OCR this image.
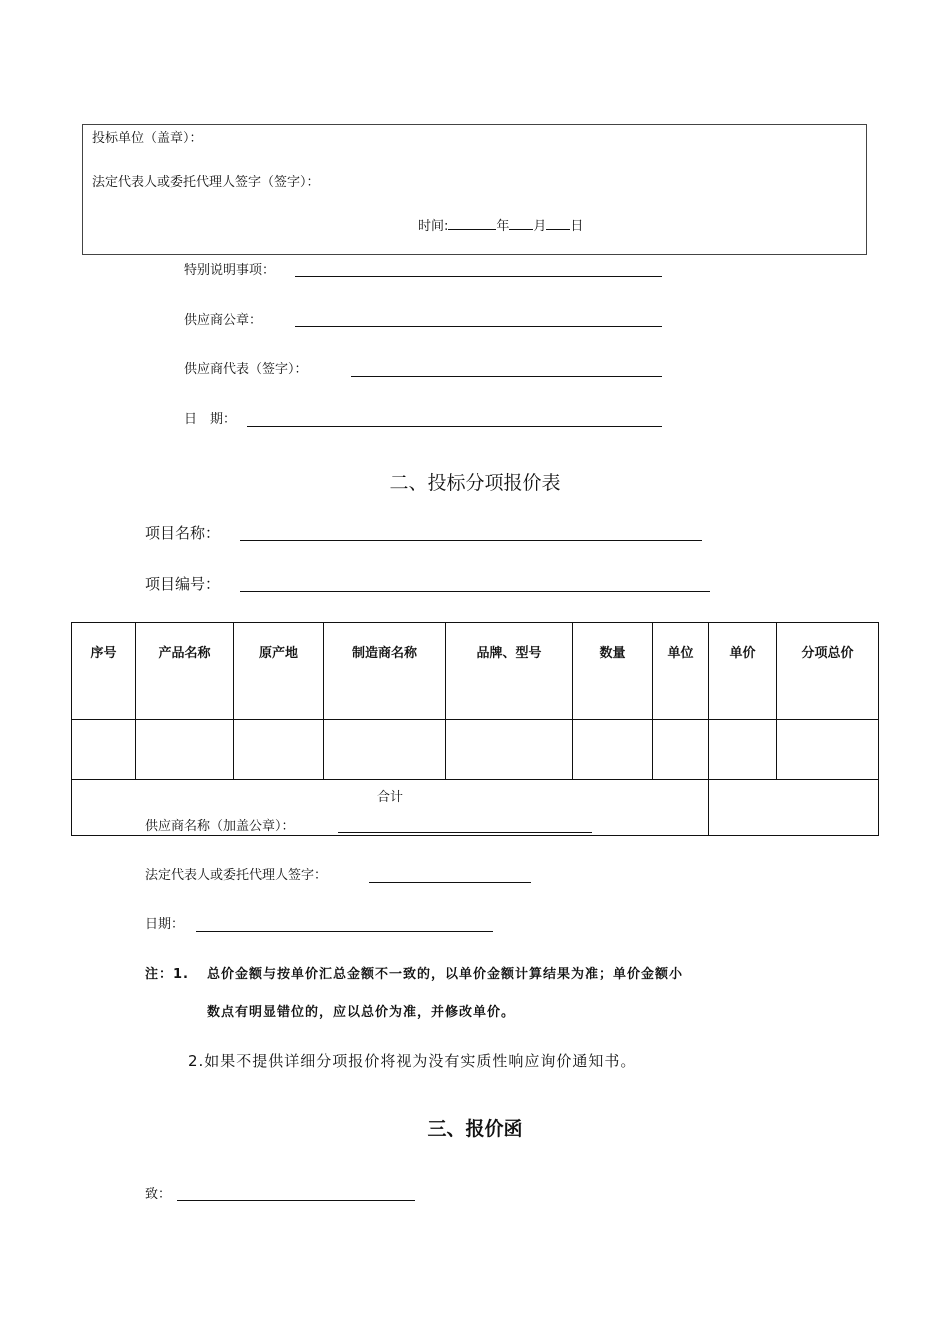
投标单位（盖章）：
法定代表人或委托代理人签字（签字）：
时间:	年 月 日
特别说明事项：
供应商公章：
供应商代表（签字）：
日　期：
二、投标分项报价表
项目名称：
项目编号：
序号	产品名称	原产地	制造商名称	品牌、型号	数量	单位	单价	分项总价

合计								
供应商名称（加盖公章）：
法定代表人或委托代理人签字：
日期：
注：1. 总价金额与按单价汇总金额不一致的，以单价金额计算结果为准；单价金额小
数点有明显错位的，应以总价为准，并修改单价。
2.如果不提供详细分项报价将视为没有实质性响应询价通知书。
三、报价函
致：
